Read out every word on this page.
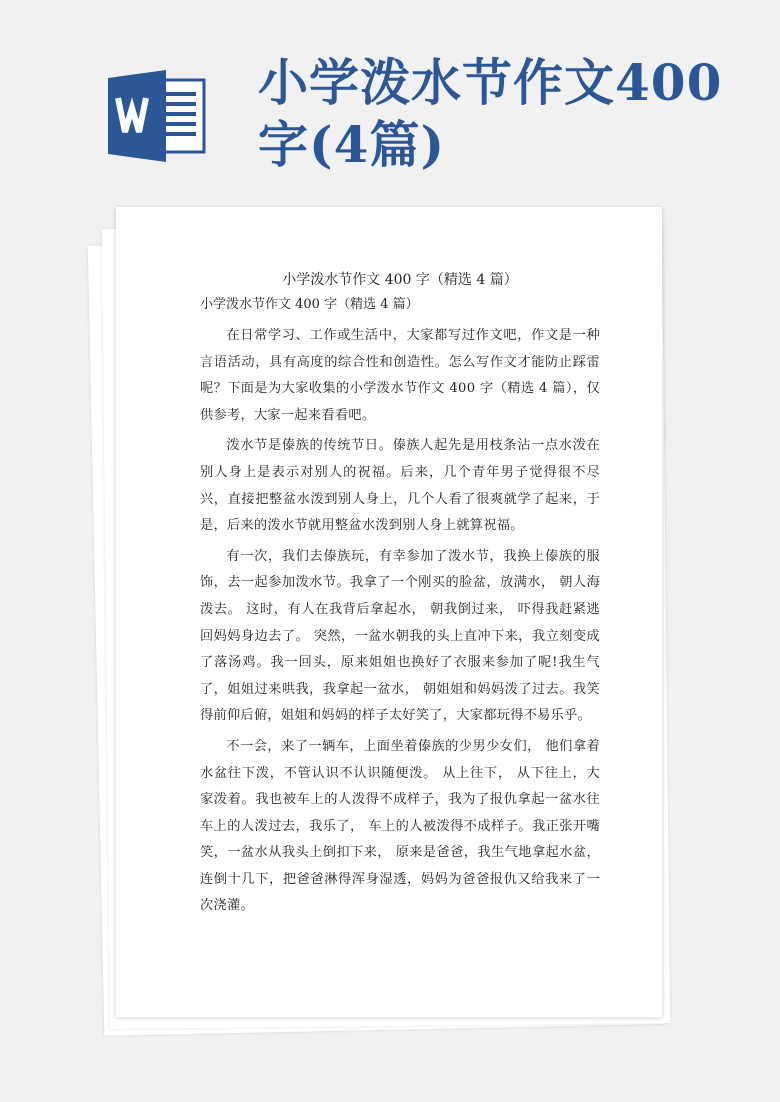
小学泼水节作文400字(4篇)
小学泼水节作文 400 字（精选 4 篇）

小学泼水节作文 400 字（精选 4 篇）

在日常学习、工作或生活中，大家都写过作文吧，作文是一种言语活动，具有高度的综合性和创造性。怎么写作文才能防止踩雷呢？下面是为大家收集的小学泼水节作文 400 字（精选 4 篇），仅供参考，大家一起来看看吧。

泼水节是傣族的传统节日。傣族人起先是用枝条沾一点水泼在别人身上是表示对别人的祝福。后来，几个青年男子觉得很不尽兴，直接把整盆水泼到别人身上，几个人看了很爽就学了起来，于是，后来的泼水节就用整盆水泼到别人身上就算祝福。

有一次，我们去傣族玩，有幸参加了泼水节，我换上傣族的服饰，去一起参加泼水节。我拿了一个刚买的脸盆，放满水， 朝人海泼去。 这时，有人在我背后拿起水， 朝我倒过来， 吓得我赶紧逃回妈妈身边去了。 突然，一盆水朝我的头上直冲下来，我立刻变成了落汤鸡。我一回头，原来姐姐也换好了衣服来参加了呢!我生气了，姐姐过来哄我，我拿起一盆水， 朝姐姐和妈妈泼了过去。我笑得前仰后俯，姐姐和妈妈的样子太好笑了，大家都玩得不易乐乎。

不一会，来了一辆车，上面坐着傣族的少男少女们， 他们拿着水盆往下泼，不管认识不认识随便泼。 从上往下， 从下往上，大家泼着。我也被车上的人泼得不成样子，我为了报仇拿起一盆水往车上的人泼过去，我乐了， 车上的人被泼得不成样子。我正张开嘴笑，一盆水从我头上倒扣下来， 原来是爸爸，我生气地拿起水盆，连倒十几下，把爸爸淋得浑身湿透，妈妈为爸爸报仇又给我来了一次浇灌。
